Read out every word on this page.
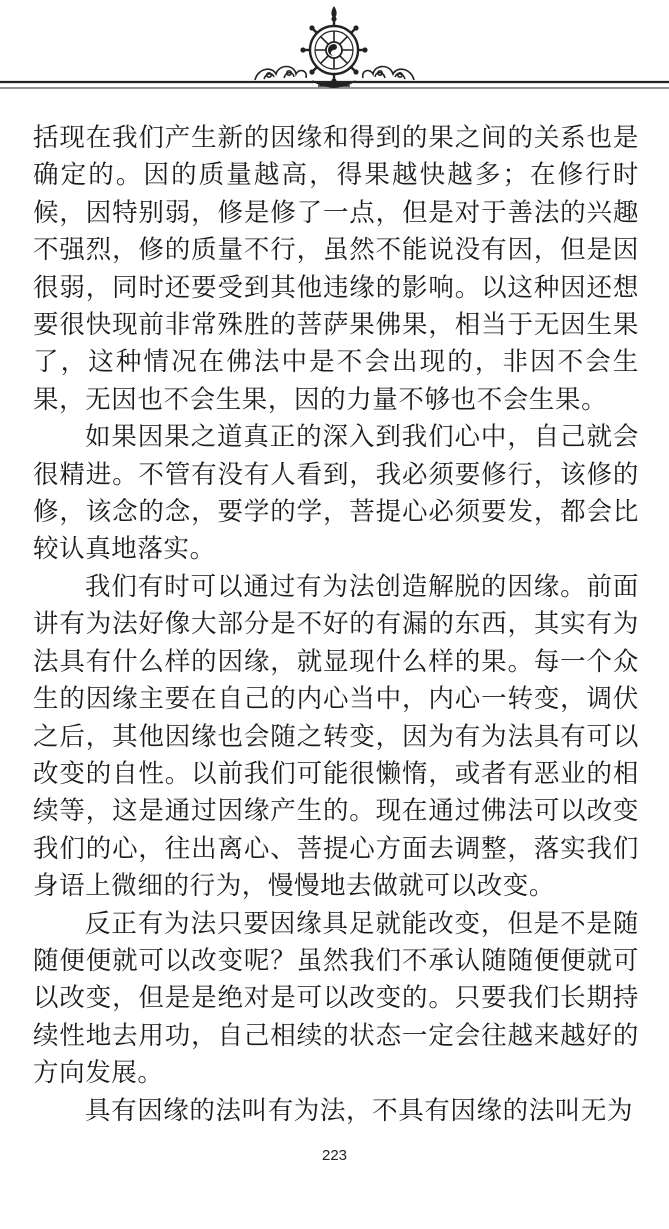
括现在我们产生新的因缘和得到的果之间的关系也是确定的。因的质量越高，得果越快越多；在修行时候，因特别弱，修是修了一点，但是对于善法的兴趣不强烈，修的质量不行，虽然不能说没有因，但是因很弱，同时还要受到其他违缘的影响。以这种因还想要很快现前非常殊胜的菩萨果佛果，相当于无因生果了，这种情况在佛法中是不会出现的，非因不会生果，无因也不会生果，因的力量不够也不会生果。

如果因果之道真正的深入到我们心中，自己就会很精进。不管有没有人看到，我必须要修行，该修的修，该念的念，要学的学，菩提心必须要发，都会比较认真地落实。

我们有时可以通过有为法创造解脱的因缘。前面讲有为法好像大部分是不好的有漏的东西，其实有为法具有什么样的因缘，就显现什么样的果。每一个众生的因缘主要在自己的内心当中，内心一转变，调伏之后，其他因缘也会随之转变，因为有为法具有可以改变的自性。以前我们可能很懒惰，或者有恶业的相续等，这是通过因缘产生的。现在通过佛法可以改变我们的心，往出离心、菩提心方面去调整，落实我们身语上微细的行为，慢慢地去做就可以改变。

反正有为法只要因缘具足就能改变，但是不是随随便便就可以改变呢？虽然我们不承认随随便便就可以改变，但是是绝对是可以改变的。只要我们长期持续性地去用功，自己相续的状态一定会往越来越好的方向发展。

具有因缘的法叫有为法，不具有因缘的法叫无为

223
